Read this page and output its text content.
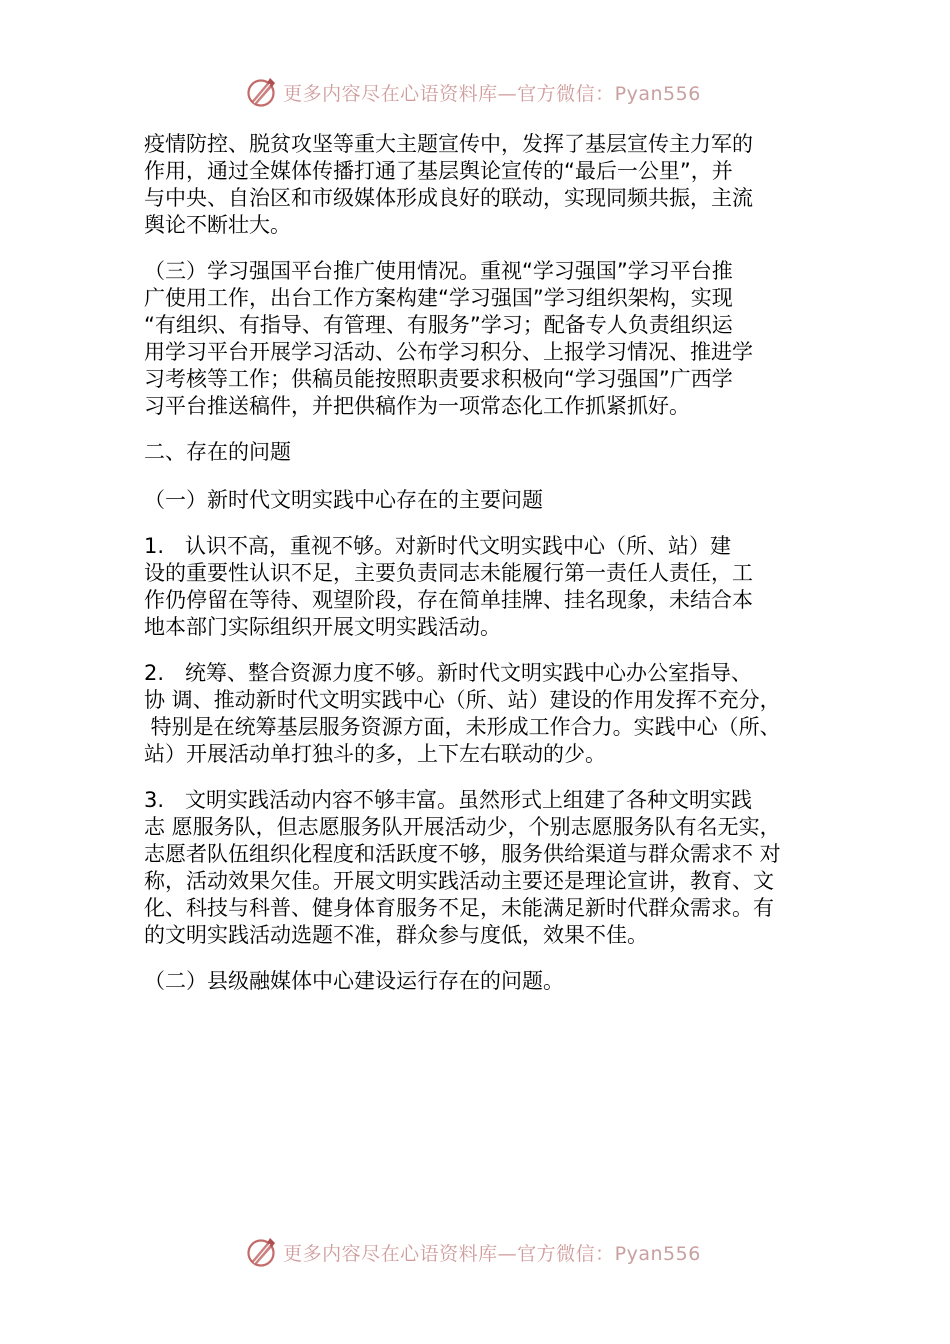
更多内容尽在心语资料库—官方微信：Pyan556

疫情防控、脱贫攻坚等重大主题宣传中，发挥了基层宣传主力军的

作用，通过全媒体传播打通了基层舆论宣传的“最后一公里”，并

与中央、自治区和市级媒体形成良好的联动，实现同频共振，主流

舆论不断壮大。

（三）学习强国平台推广使用情况。重视“学习强国”学习平台推

广使用工作，出台工作方案构建“学习强国”学习组织架构，实现

“有组织、有指导、有管理、有服务”学习；配备专人负责组织运

用学习平台开展学习活动、公布学习积分、上报学习情况、推进学

习考核等工作；供稿员能按照职责要求积极向“学习强国”广西学

习平台推送稿件，并把供稿作为一项常态化工作抓紧抓好。

二、存在的问题

（一）新时代文明实践中心存在的主要问题

1.　认识不高，重视不够。对新时代文明实践中心（所、站）建

设的重要性认识不足，主要负责同志未能履行第一责任人责任，工

作仍停留在等待、观望阶段，存在简单挂牌、挂名现象，未结合本

地本部门实际组织开展文明实践活动。

2.　统筹、整合资源力度不够。新时代文明实践中心办公室指导、

协 调、推动新时代文明实践中心（所、站）建设的作用发挥不充分，

特别是在统筹基层服务资源方面，未形成工作合力。实践中心（所、

站）开展活动单打独斗的多，上下左右联动的少。

3.　文明实践活动内容不够丰富。虽然形式上组建了各种文明实践

志 愿服务队，但志愿服务队开展活动少，个别志愿服务队有名无实，

志愿者队伍组织化程度和活跃度不够，服务供给渠道与群众需求不 对

称，活动效果欠佳。开展文明实践活动主要还是理论宣讲，教育、文

化、科技与科普、健身体育服务不足，未能满足新时代群众需求。有

的文明实践活动选题不准，群众参与度低，效果不佳。

（二）县级融媒体中心建设运行存在的问题。

更多内容尽在心语资料库—官方微信：Pyan556
